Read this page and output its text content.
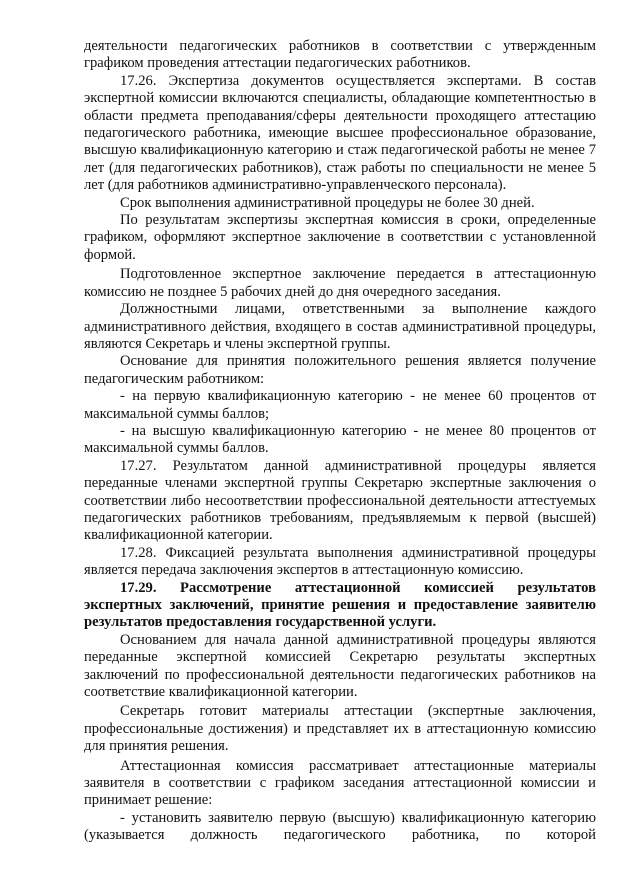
деятельности педагогических работников в соответствии с утвержденным графиком проведения аттестации педагогических работников.

17.26. Экспертиза документов осуществляется экспертами. В состав экспертной комиссии включаются специалисты, обладающие компетентностью в области предмета преподавания/сферы деятельности проходящего аттестацию педагогического работника, имеющие высшее профессиональное образование, высшую квалификационную категорию и стаж педагогической работы не менее 7 лет (для педагогических работников), стаж работы по специальности не менее 5 лет (для работников административно-управленческого персонала).

Срок выполнения административной процедуры не более 30 дней.

По результатам экспертизы экспертная комиссия в сроки, определенные графиком, оформляют экспертное заключение в соответствии с установленной формой.

Подготовленное экспертное заключение передается в аттестационную комиссию не позднее 5 рабочих дней до дня очередного заседания.

Должностными лицами, ответственными за выполнение каждого административного действия, входящего в состав административной процедуры, являются Секретарь и члены экспертной группы.

Основание для принятия положительного решения является получение педагогическим работником:

- на первую квалификационную категорию - не менее 60 процентов от максимальной суммы баллов;

- на высшую квалификационную категорию - не менее 80 процентов от максимальной суммы баллов.

17.27. Результатом данной административной процедуры является переданные членами экспертной группы Секретарю экспертные заключения о соответствии либо несоответствии профессиональной деятельности аттестуемых педагогических работников требованиям, предъявляемым к первой (высшей) квалификационной категории.

17.28. Фиксацией результата выполнения административной процедуры является передача заключения экспертов в аттестационную комиссию.

17.29. Рассмотрение аттестационной комиссией результатов экспертных заключений, принятие решения и предоставление заявителю результатов предоставления государственной услуги.

Основанием для начала данной административной процедуры являются переданные экспертной комиссией Секретарю результаты экспертных заключений по профессиональной деятельности педагогических работников на соответствие квалификационной категории.

Секретарь готовит материалы аттестации (экспертные заключения, профессиональные достижения) и представляет их в аттестационную комиссию для принятия решения.

Аттестационная комиссия рассматривает аттестационные материалы заявителя в соответствии с графиком заседания аттестационной комиссии и принимает решение:

- установить заявителю первую (высшую) квалификационную категорию (указывается должность педагогического работника, по которой
